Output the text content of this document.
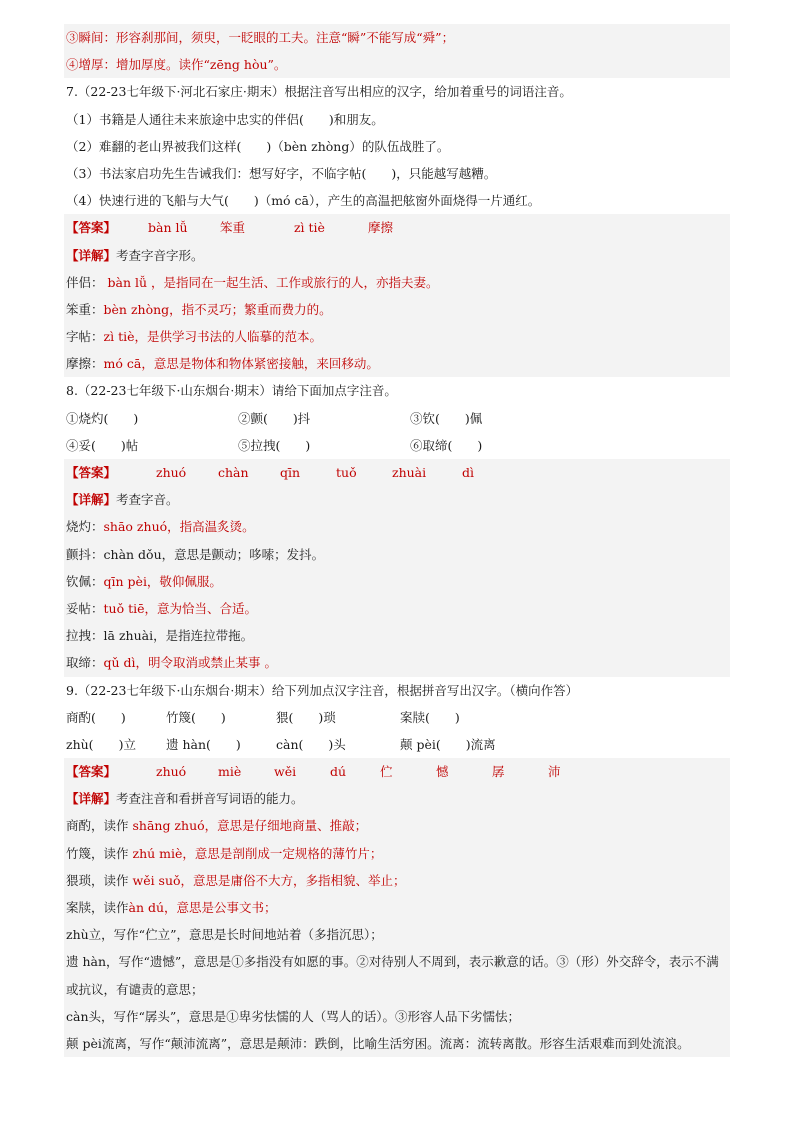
③瞬间：形容刹那间，须臾，一眨眼的工夫。注意“瞬”不能写成“舜”；
④增厚：增加厚度。读作“zēng hòu”。
7.（22-23七年级下·河北石家庄·期末）根据注音写出相应的汉字，给加着重号的词语注音。
（1）书籍是人通往未来旅途中忠实的伴侣(　　)和朋友。
（2）难翻的老山界被我们这样(　　)（bèn zhòng）的队伍战胜了。
（3）书法家启功先生告诫我们：想写好字，不临字帖(　　)，只能越写越糟。
（4）快速行进的飞船与大气(　　)（mó cā），产生的高温把舷窗外面烧得一片通红。
【答案】	bàn lǚ	笨重	zì tiè	摩擦
【详解】考查字音字形。
伴侣： bàn lǚ ，是指同在一起生活、工作或旅行的人，亦指夫妻。
笨重：bèn zhòng，指不灵巧；繁重而费力的。
字帖：zì tiè，是供学习书法的人临摹的范本。
摩擦：mó cā，意思是物体和物体紧密接触，来回移动。
8.（22-23七年级下·山东烟台·期末）请给下面加点字注音。
①烧灼(　　)	②颤(　　)抖	③钦(　　)佩
④妥(　　)帖	⑤拉拽(　　)	⑥取缔(　　)
【答案】	zhuó	chàn	qīn	tuǒ	zhuài	dì
【详解】考查字音。
烧灼：shāo zhuó，指高温炙烫。
颤抖：chàn dǒu，意思是颤动；哆嗦；发抖。
钦佩：qīn pèi，敬仰佩服。
妥帖：tuǒ tiē，意为恰当、合适。
拉拽：lā zhuài，是指连拉带拖。
取缔：qǔ dì，明令取消或禁止某事 。
9.（22-23七年级下·山东烟台·期末）给下列加点汉字注音，根据拼音写出汉字。（横向作答）
商酌(　　)	竹篾(　　)	猥(　　)琐	案牍(　　)
zhù(　　)立 遗 hàn(　　)	càn(　　)头	颠 pèi(　　)流离
【答案】	zhuó	miè	wěi	dú	伫	憾	孱	沛
【详解】考查注音和看拼音写词语的能力。
商酌，读作 shāng zhuó，意思是仔细地商量、推敲；
竹篾，读作 zhú miè，意思是剖削成一定规格的薄竹片；
猥琐，读作 wěi suǒ，意思是庸俗不大方，多指相貌、举止；
案牍，读作àn dú，意思是公事文书；
zhù立，写作“伫立”，意思是长时间地站着（多指沉思）；
遗 hàn，写作“遗憾”，意思是①多指没有如愿的事。②对待别人不周到，表示歉意的话。③（形）外交辞令，表示不满或抗议，有谴责的意思；
càn头，写作“孱头”，意思是①卑劣怯懦的人（骂人的话）。③形容人品下劣懦怯；
颠 pèi流离，写作“颠沛流离”，意思是颠沛：跌倒，比喻生活穷困。流离：流转离散。形容生活艰难而到处流浪。
